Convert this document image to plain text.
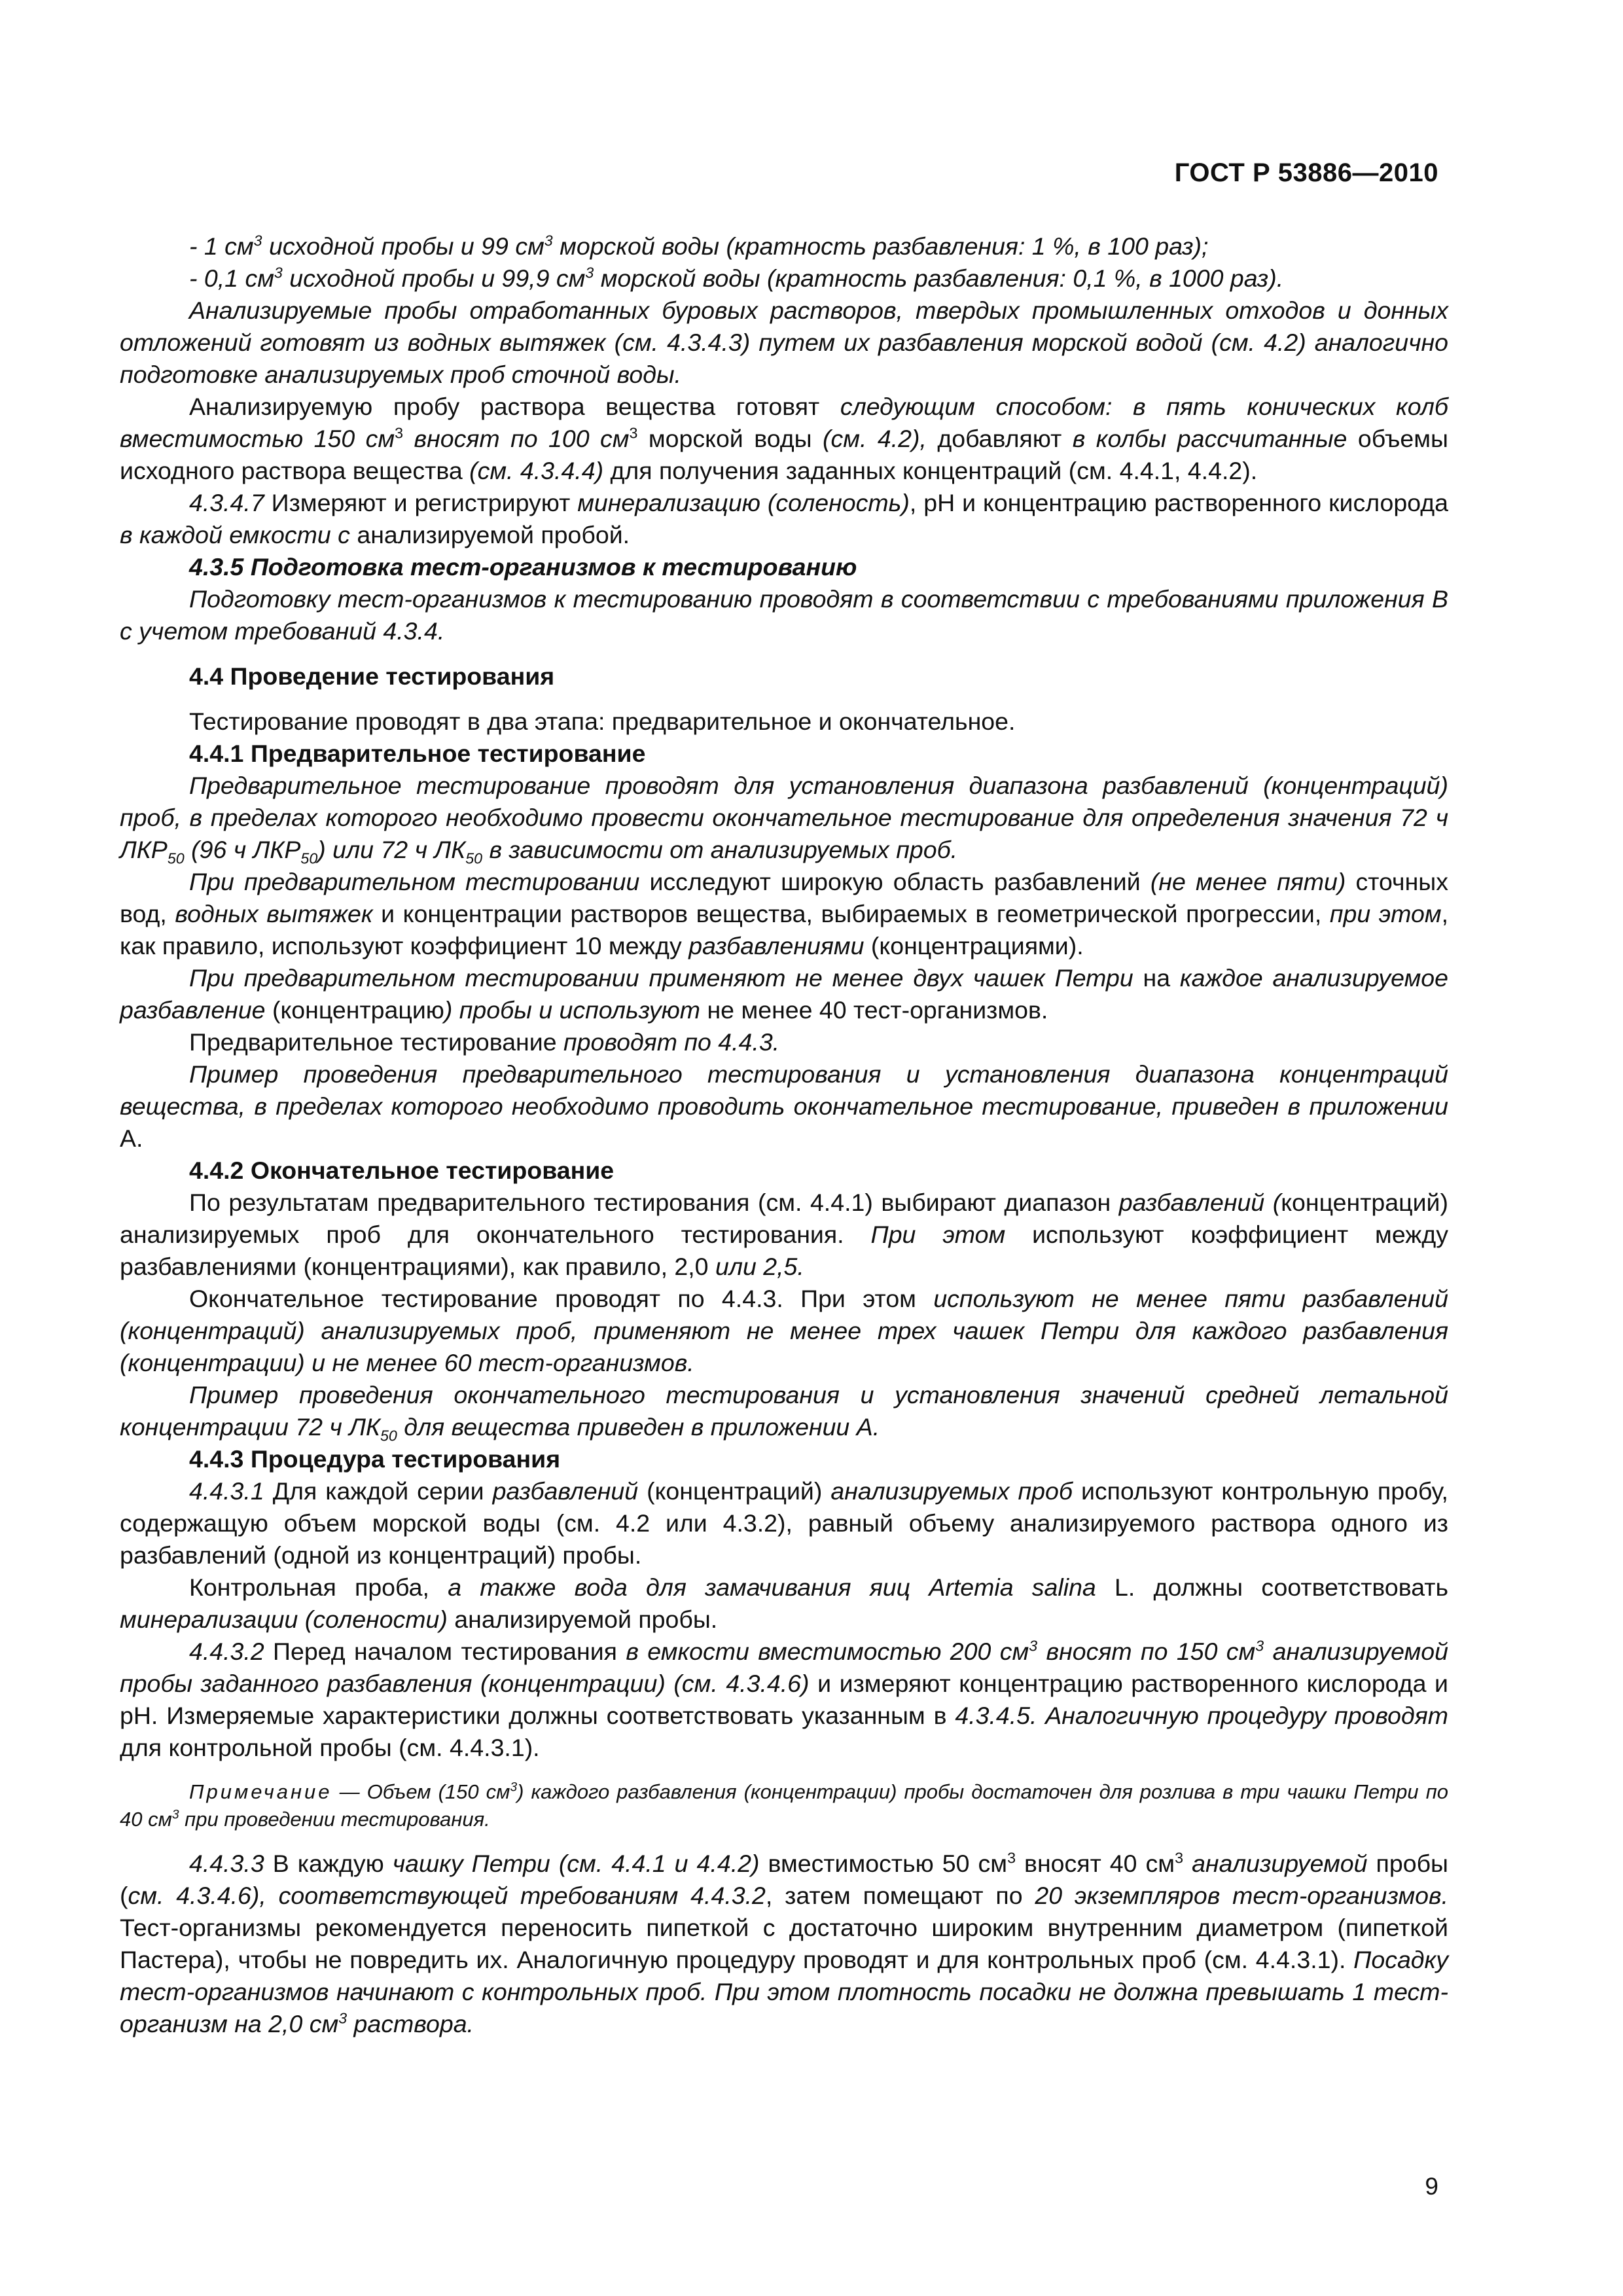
ГОСТ Р 53886—2010

- 1 $см^3$ исходной пробы и 99 $см^3$ морской воды (кратность разбавления: 1 %, в 100 раз);

- 0,1 $см^3$ исходной пробы и 99,9 $см^3$ морской воды (кратность разбавления: 0,1 %, в 1000 раз).

Анализируемые пробы отработанных буровых растворов, твердых промышленных отходов и донных отложений готовят из водных вытяжек (см. 4.3.4.3) путем их разбавления морской водой (см. 4.2) аналогично подготовке анализируемых проб сточной воды.

Анализируемую пробу раствора вещества готовят следующим способом: в пять конических колб вместимостью 150 $см^3$ вносят по 100 $см^3$ морской воды (см. 4.2), добавляют в колбы рассчитанные объемы исходного раствора вещества (см. 4.3.4.4) для получения заданных концентраций (см. 4.4.1, 4.4.2).

4.3.4.7 Измеряют и регистрируют минерализацию (соленость), pH и концентрацию растворенного кислорода в каждой емкости с анализируемой пробой.

4.3.5 Подготовка тест-организмов к тестированию

Подготовку тест-организмов к тестированию проводят в соответствии с требованиями приложения В с учетом требований 4.3.4.

4.4 Проведение тестирования

Тестирование проводят в два этапа: предварительное и окончательное.

4.4.1 Предварительное тестирование

Предварительное тестирование проводят для установления диапазона разбавлений (концентраций) проб, в пределах которого необходимо провести окончательное тестирование для определения значения 72 ч $ЛКР_{50}$ (96 ч $ЛКР_{50}$) или 72 ч $ЛК_{50}$ в зависимости от анализируемых проб.

При предварительном тестировании исследуют широкую область разбавлений (не менее пяти) сточных вод, водных вытяжек и концентрации растворов вещества, выбираемых в геометрической прогрессии, при этом, как правило, используют коэффициент 10 между разбавлениями (концентрациями).

При предварительном тестировании применяют не менее двух чашек Петри на каждое анализируемое разбавление (концентрацию) пробы и используют не менее 40 тест-организмов.

Предварительное тестирование проводят по 4.4.3.

Пример проведения предварительного тестирования и установления диапазона концентраций вещества, в пределах которого необходимо проводить окончательное тестирование, приведен в приложении А.

4.4.2 Окончательное тестирование

По результатам предварительного тестирования (см. 4.4.1) выбирают диапазон разбавлений (концентраций) анализируемых проб для окончательного тестирования. При этом используют коэффициент между разбавлениями (концентрациями), как правило, 2,0 или 2,5.

Окончательное тестирование проводят по 4.4.3. При этом используют не менее пяти разбавлений (концентраций) анализируемых проб, применяют не менее трех чашек Петри для каждого разбавления (концентрации) и не менее 60 тест-организмов.

Пример проведения окончательного тестирования и установления значений средней летальной концентрации 72 ч $ЛК_{50}$ для вещества приведен в приложении А.

4.4.3 Процедура тестирования

4.4.3.1 Для каждой серии разбавлений (концентраций) анализируемых проб используют контрольную пробу, содержащую объем морской воды (см. 4.2 или 4.3.2), равный объему анализируемого раствора одного из разбавлений (одной из концентраций) пробы.

Контрольная проба, а также вода для замачивания яиц Artemia salina L. должны соответствовать минерализации (солености) анализируемой пробы.

4.4.3.2 Перед началом тестирования в емкости вместимостью 200 $см^3$ вносят по 150 $см^3$ анализируемой пробы заданного разбавления (концентрации) (см. 4.3.4.6) и измеряют концентрацию растворенного кислорода и pH. Измеряемые характеристики должны соответствовать указанным в 4.3.4.5. Аналогичную процедуру проводят для контрольной пробы (см. 4.4.3.1).

Примечание — Объем (150 $см^3$) каждого разбавления (концентрации) пробы достаточен для розлива в три чашки Петри по 40 $см^3$ при проведении тестирования.

4.4.3.3 В каждую чашку Петри (см. 4.4.1 и 4.4.2) вместимостью 50 $см^3$ вносят 40 $см^3$ анализируемой пробы (см. 4.3.4.6), соответствующей требованиям 4.4.3.2, затем помещают по 20 экземпляров тест-организмов. Тест-организмы рекомендуется переносить пипеткой с достаточно широким внутренним диаметром (пипеткой Пастера), чтобы не повредить их. Аналогичную процедуру проводят и для контрольных проб (см. 4.4.3.1). Посадку тест-организмов начинают с контрольных проб. При этом плотность посадки не должна превышать 1 тест-организм на 2,0 $см^3$ раствора.

9
